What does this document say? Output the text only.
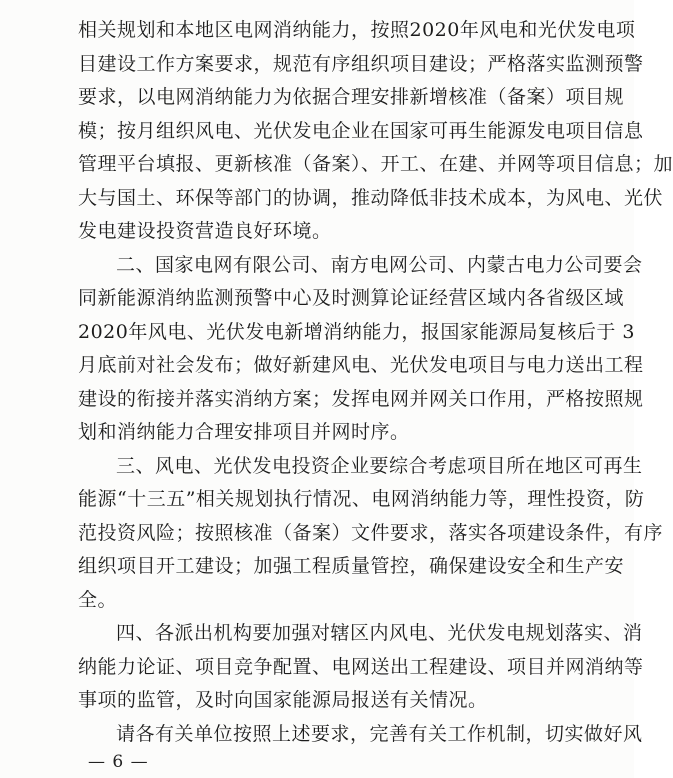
相关规划和本地区电网消纳能力，按照2020年风电和光伏发电项
目建设工作方案要求，规范有序组织项目建设；严格落实监测预警
要求，以电网消纳能力为依据合理安排新增核准（备案）项目规
模；按月组织风电、光伏发电企业在国家可再生能源发电项目信息
管理平台填报、更新核准（备案）、开工、在建、并网等项目信息；加
大与国土、环保等部门的协调，推动降低非技术成本，为风电、光伏
发电建设投资营造良好环境。
二、国家电网有限公司、南方电网公司、内蒙古电力公司要会
同新能源消纳监测预警中心及时测算论证经营区域内各省级区域
2020年风电、光伏发电新增消纳能力，报国家能源局复核后于 3
月底前对社会发布；做好新建风电、光伏发电项目与电力送出工程
建设的衔接并落实消纳方案；发挥电网并网关口作用，严格按照规
划和消纳能力合理安排项目并网时序。
三、风电、光伏发电投资企业要综合考虑项目所在地区可再生
能源“十三五”相关规划执行情况、电网消纳能力等，理性投资，防
范投资风险；按照核准（备案）文件要求，落实各项建设条件，有序
组织项目开工建设；加强工程质量管控，确保建设安全和生产安
全。
四、各派出机构要加强对辖区内风电、光伏发电规划落实、消
纳能力论证、项目竞争配置、电网送出工程建设、项目并网消纳等
事项的监管，及时向国家能源局报送有关情况。
请各有关单位按照上述要求，完善有关工作机制，切实做好风
— 6 —
